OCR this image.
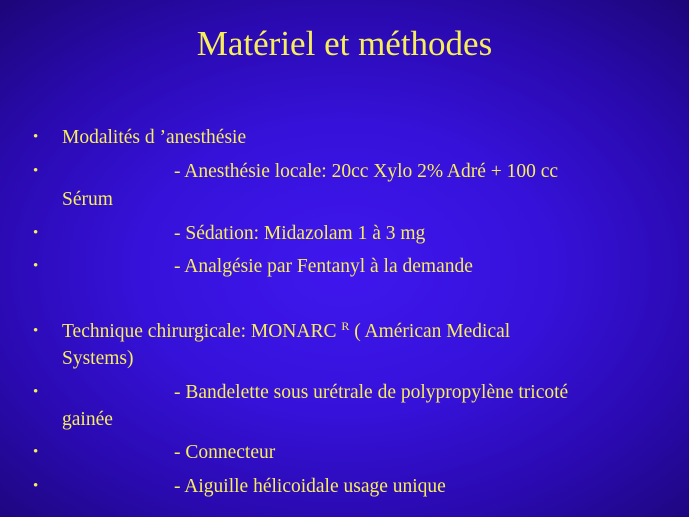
Matériel et méthodes
• Modalités d ’anesthésie
•	- Anesthésie locale: 20cc Xylo 2% Adré + 100 cc
Sérum
•	- Sédation: Midazolam 1 à 3 mg
•	- Analgésie par Fentanyl à la demande
• Technique chirurgicale: MONARC $^R$ ( Américan Medical
Systems)
•	- Bandelette sous urétrale de polypropylène tricoté
gainée
•	- Connecteur
•	- Aiguille hélicoidale usage unique
